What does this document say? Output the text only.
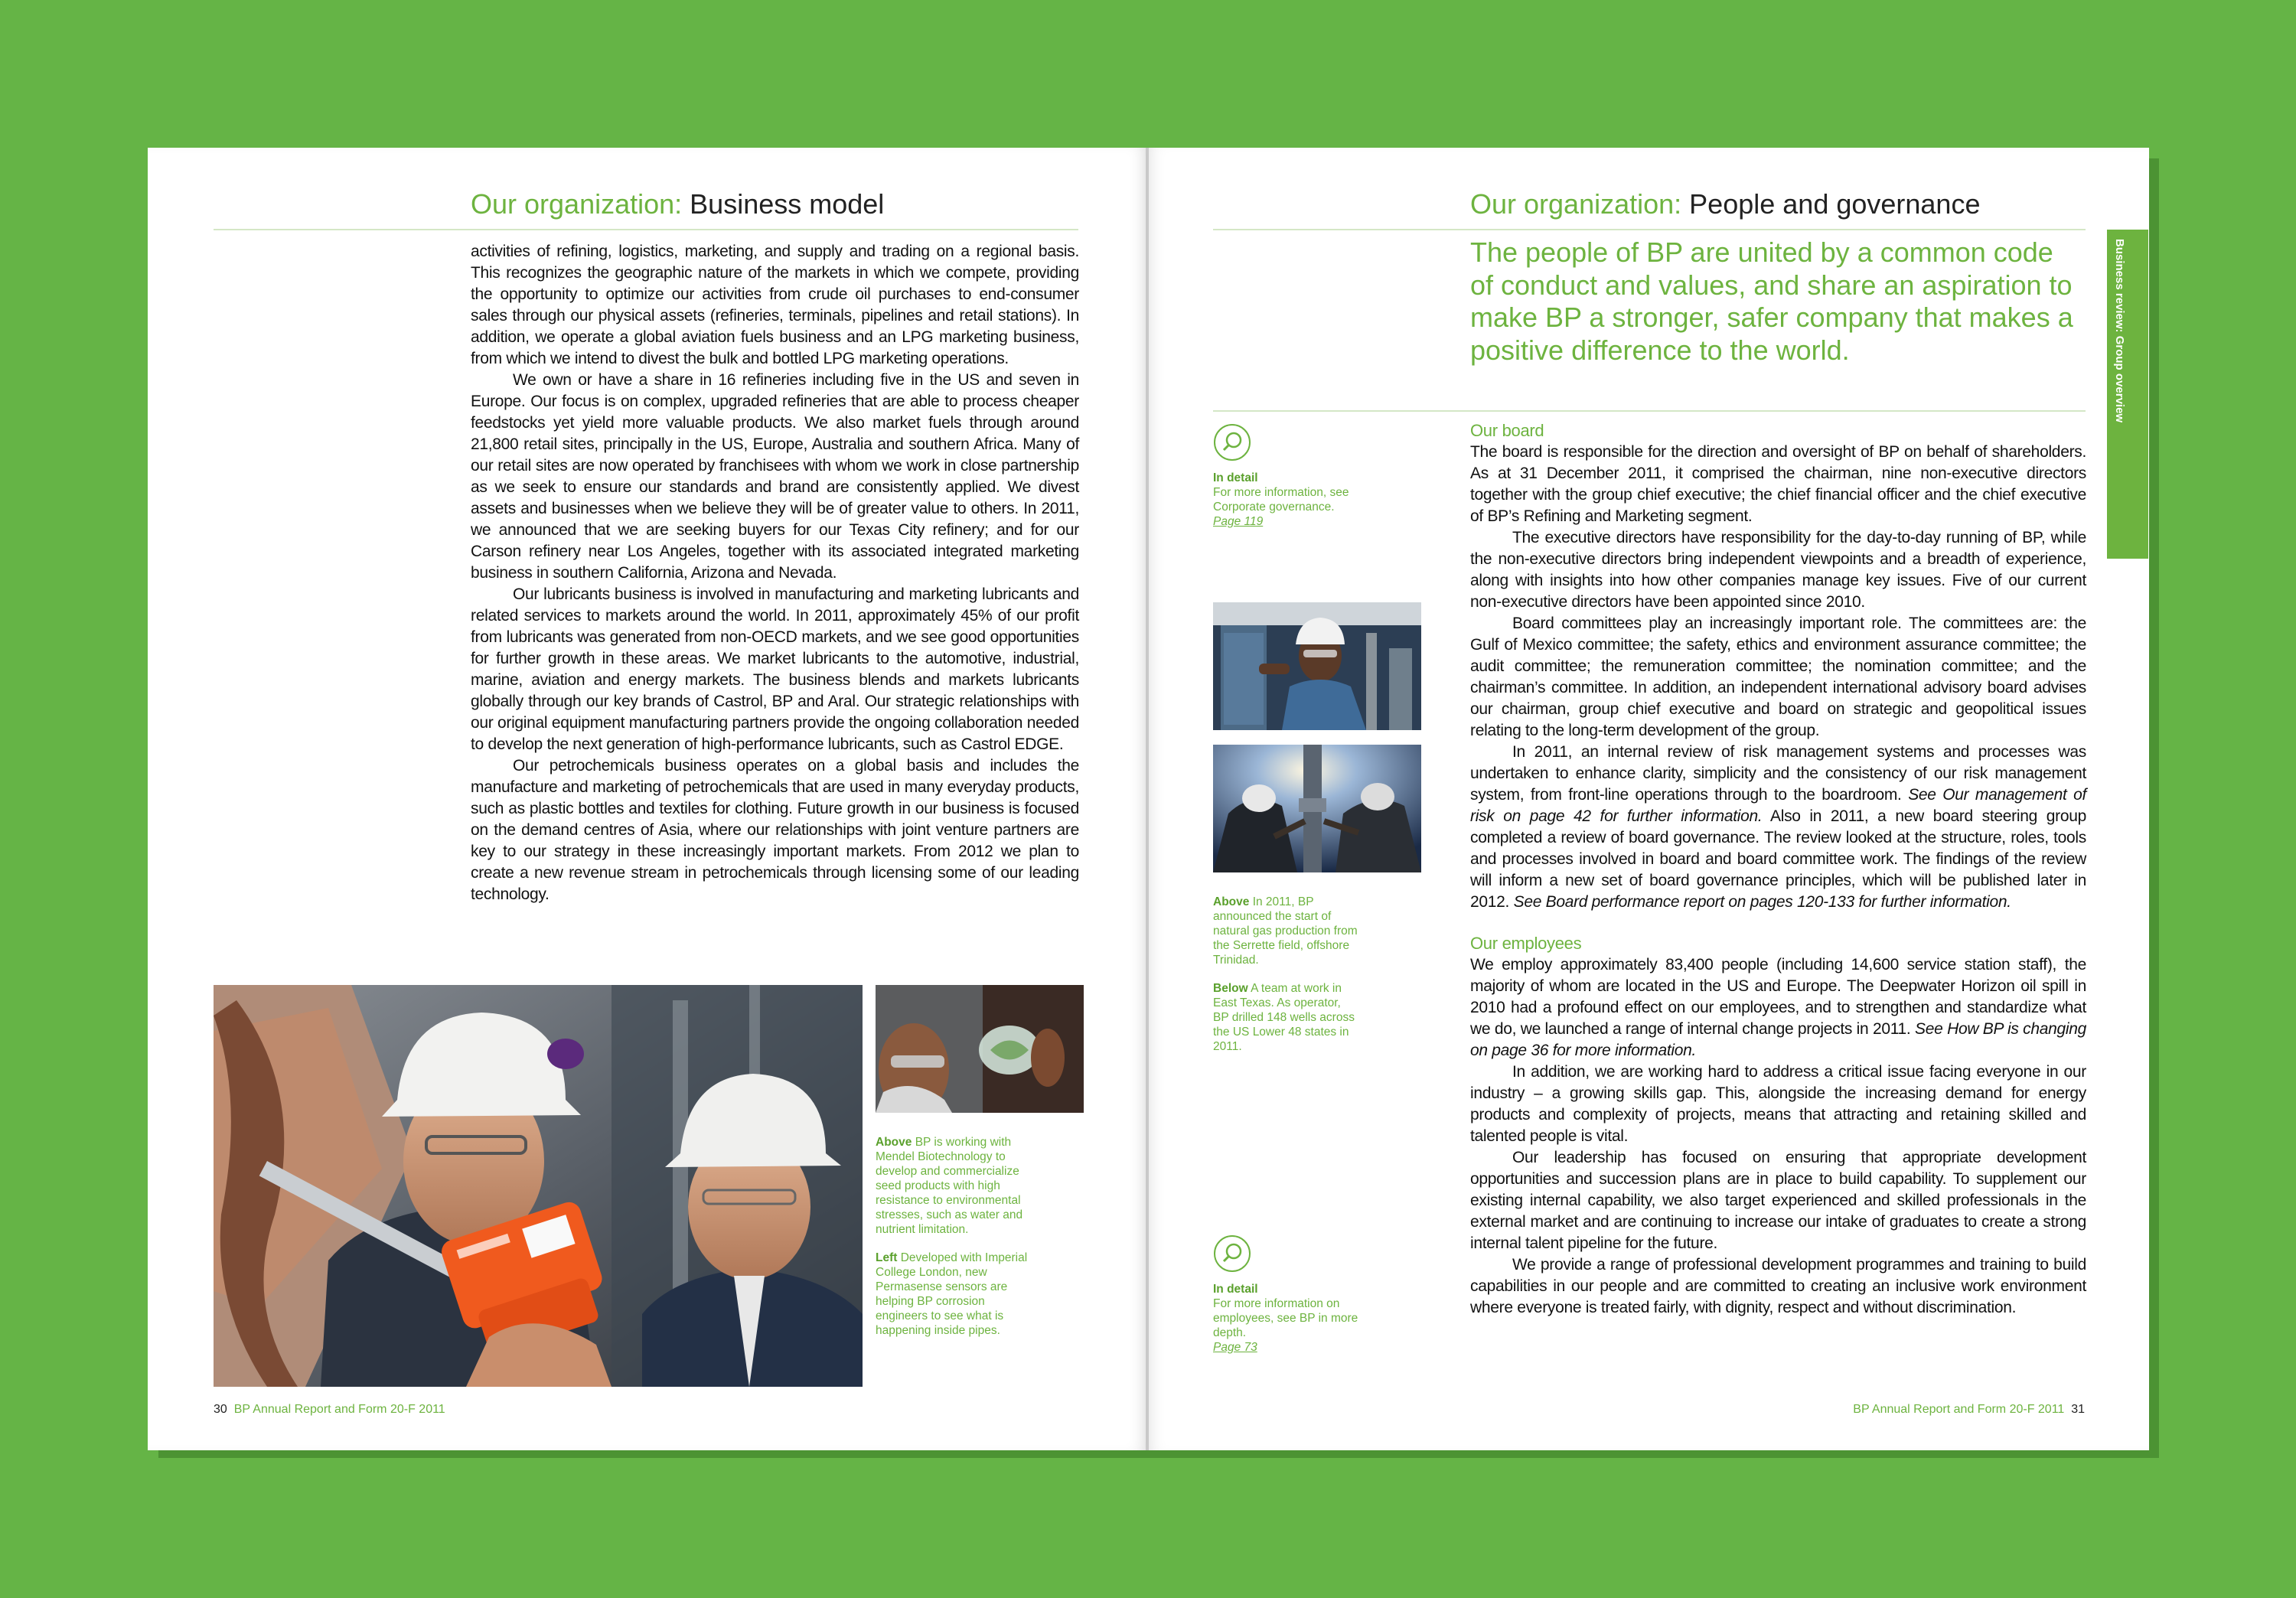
Our organization: Business model

activities of refining, logistics, marketing, and supply and trading on a regional basis. This recognizes the geographic nature of the markets in which we compete, providing the opportunity to optimize our activities from crude oil purchases to end-consumer sales through our physical assets (refineries, terminals, pipelines and retail stations). In addition, we operate a global aviation fuels business and an LPG marketing business, from which we intend to divest the bulk and bottled LPG marketing operations.

We own or have a share in 16 refineries including five in the US and seven in Europe. Our focus is on complex, upgraded refineries that are able to process cheaper feedstocks yet yield more valuable products. We also market fuels through around 21,800 retail sites, principally in the US, Europe, Australia and southern Africa. Many of our retail sites are now operated by franchisees with whom we work in close partnership as we seek to ensure our standards and brand are consistently applied. We divest assets and businesses when we believe they will be of greater value to others. In 2011, we announced that we are seeking buyers for our Texas City refinery; and for our Carson refinery near Los Angeles, together with its associated integrated marketing business in southern California, Arizona and Nevada.

Our lubricants business is involved in manufacturing and marketing lubricants and related services to markets around the world. In 2011, approximately 45% of our profit from lubricants was generated from non-OECD markets, and we see good opportunities for further growth in these areas. We market lubricants to the automotive, industrial, marine, aviation and energy markets. The business blends and markets lubricants globally through our key brands of Castrol, BP and Aral. Our strategic relationships with our original equipment manufacturing partners provide the ongoing collaboration needed to develop the next generation of high-performance lubricants, such as Castrol EDGE.

Our petrochemicals business operates on a global basis and includes the manufacture and marketing of petrochemicals that are used in many everyday products, such as plastic bottles and textiles for clothing. Future growth in our business is focused on the demand centres of Asia, where our relationships with joint venture partners are key to our strategy in these increasingly important markets. From 2012 we plan to create a new revenue stream in petrochemicals through licensing some of our leading technology.

Above BP is working with Mendel Biotechnology to develop and commercialize seed products with high resistance to environmental stresses, such as water and nutrient limitation.

Left Developed with Imperial College London, new Permasense sensors are helping BP corrosion engineers to see what is happening inside pipes.

30 BP Annual Report and Form 20-F 2011
Our organization: People and governance
The people of BP are united by a common code of conduct and values, and share an aspiration to make BP a stronger, safer company that makes a positive difference to the world.

In detail
For more information, see Corporate governance.
Page 119

Above In 2011, BP announced the start of natural gas production from the Serrette field, offshore Trinidad.

Below A team at work in East Texas. As operator, BP drilled 148 wells across the US Lower 48 states in 2011.

In detail
For more information on employees, see BP in more depth.
Page 73

Our board

The board is responsible for the direction and oversight of BP on behalf of shareholders. As at 31 December 2011, it comprised the chairman, nine non-executive directors together with the group chief executive; the chief financial officer and the chief executive of BP’s Refining and Marketing segment.

The executive directors have responsibility for the day-to-day running of BP, while the non-executive directors bring independent viewpoints and a breadth of experience, along with insights into how other companies manage key issues. Five of our current non-executive directors have been appointed since 2010.

Board committees play an increasingly important role. The committees are: the Gulf of Mexico committee; the safety, ethics and environment assurance committee; the audit committee; the remuneration committee; the nomination committee; and the chairman’s committee. In addition, an independent international advisory board advises our chairman, group chief executive and board on strategic and geopolitical issues relating to the long-term development of the group.

In 2011, an internal review of risk management systems and processes was undertaken to enhance clarity, simplicity and the consistency of our risk management system, from front-line operations through to the boardroom. See Our management of risk on page 42 for further information. Also in 2011, a new board steering group completed a review of board governance. The review looked at the structure, roles, tools and processes involved in board and board committee work. The findings of the review will inform a new set of board governance principles, which will be published later in 2012. See Board performance report on pages 120-133 for further information.

Our employees

We employ approximately 83,400 people (including 14,600 service station staff), the majority of whom are located in the US and Europe. The Deepwater Horizon oil spill in 2010 had a profound effect on our employees, and to strengthen and standardize what we do, we launched a range of internal change projects in 2011. See How BP is changing on page 36 for more information.

In addition, we are working hard to address a critical issue facing everyone in our industry – a growing skills gap. This, alongside the increasing demand for energy products and complexity of projects, means that attracting and retaining skilled and talented people is vital.

Our leadership has focused on ensuring that appropriate development opportunities and succession plans are in place to build capability. To supplement our existing internal capability, we also target experienced and skilled professionals in the external market and are continuing to increase our intake of graduates to create a strong internal talent pipeline for the future.

We provide a range of professional development programmes and training to build capabilities in our people and are committed to creating an inclusive work environment where everyone is treated fairly, with dignity, respect and without discrimination.

BP Annual Report and Form 20-F 2011 31
Business review: Group overview
